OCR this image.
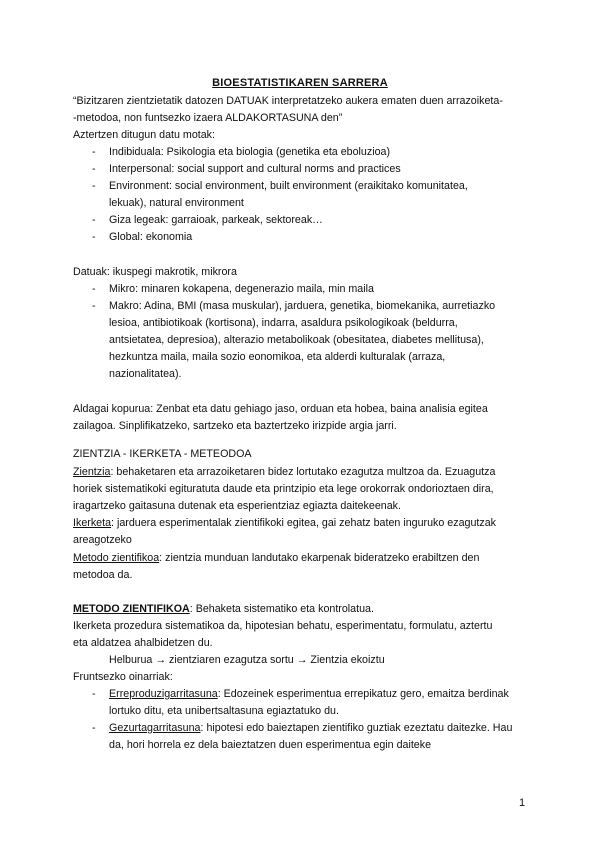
BIOESTATISTIKAREN SARRERA
“Bizitzaren zientzietatik datozen DATUAK interpretatzeko aukera ematen duen arrazoiketa-
-metodoa, non funtsezko izaera ALDAKORTASUNA den”
Aztertzen ditugun datu motak:
- Indibiduala: Psikologia eta biologia (genetika eta eboluzioa)
- Interpersonal: social support and cultural norms and practices
- Environment: social environment, built environment (eraikitako komunitatea,
lekuak), natural environment
- Giza legeak: garraioak, parkeak, sektoreak…
- Global: ekonomia
Datuak: ikuspegi makrotik, mikrora
- Mikro: minaren kokapena, degenerazio maila, min maila
- Makro: Adina, BMI (masa muskular), jarduera, genetika, biomekanika, aurretiazko
lesioa, antibiotikoak (kortisona), indarra, asaldura psikologikoak (beldurra,
antsietatea, depresioa), alterazio metabolikoak (obesitatea, diabetes mellitusa),
hezkuntza maila, maila sozio eonomikoa, eta alderdi kulturalak (arraza,
nazionalitatea).
Aldagai kopurua: Zenbat eta datu gehiago jaso, orduan eta hobea, baina analisia egitea
zailagoa. Sinplifikatzeko, sartzeko eta baztertzeko irizpide argia jarri.
ZIENTZIA - IKERKETA - METEODOA
Zientzia: behaketaren eta arrazoiketaren bidez lortutako ezagutza multzoa da. Ezuagutza
horiek sistematikoki egituratuta daude eta printzipio eta lege orokorrak ondorioztaen dira,
iragartzeko gaitasuna dutenak eta esperientziaz egiazta daitekeenak.
Ikerketa: jarduera esperimentalak zientifikoki egitea, gai zehatz baten inguruko ezagutzak
areagotzeko
Metodo zientifikoa: zientzia munduan landutako ekarpenak bideratzeko erabiltzen den
metodoa da.
METODO ZIENTIFIKOA: Behaketa sistematiko eta kontrolatua.
Ikerketa prozedura sistematikoa da, hipotesian behatu, esperimentatu, formulatu, aztertu
eta aldatzea ahalbidetzen du.
Helburua → zientziaren ezagutza sortu → Zientzia ekoiztu
Fruntsezko oinarriak:
- Erreproduzigarritasuna: Edozeinek esperimentua errepikatuz gero, emaitza berdinak
lortuko ditu, eta unibertsaltasuna egiaztatuko du.
- Gezurtagarritasuna: hipotesi edo baieztapen zientifiko guztiak ezeztatu daitezke. Hau
da, hori horrela ez dela baieztatzen duen esperimentua egin daiteke
1
